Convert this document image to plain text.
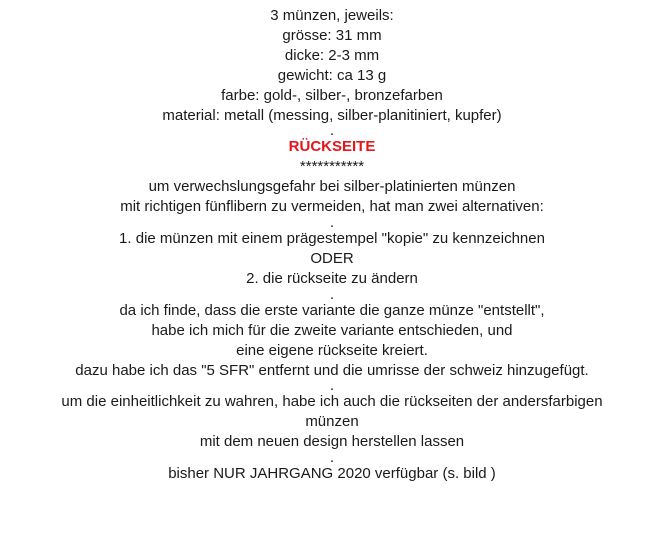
3 münzen, jeweils:
grösse: 31 mm
dicke: 2-3 mm
gewicht: ca 13 g
farbe: gold-, silber-, bronzefarben
material: metall (messing, silber-planitiniert, kupfer)
.
RÜCKSEITE
***********
um verwechslungsgefahr bei silber-platinierten münzen
mit richtigen fünflibern zu vermeiden, hat man zwei alternativen:
.
1. die münzen mit einem prägestempel "kopie" zu kennzeichnen
ODER
2. die rückseite zu ändern
.
da ich finde, dass die erste variante die ganze münze "entstellt",
habe ich mich für die zweite variante entschieden, und
eine eigene rückseite kreiert.
dazu habe ich das "5 SFR" entfernt und die umrisse der schweiz hinzugefügt.
.
um die einheitlichkeit zu wahren, habe ich auch die rückseiten der andersfarbigen
münzen
mit dem neuen design herstellen lassen
.
bisher NUR JAHRGANG 2020 verfügbar (s. bild )
